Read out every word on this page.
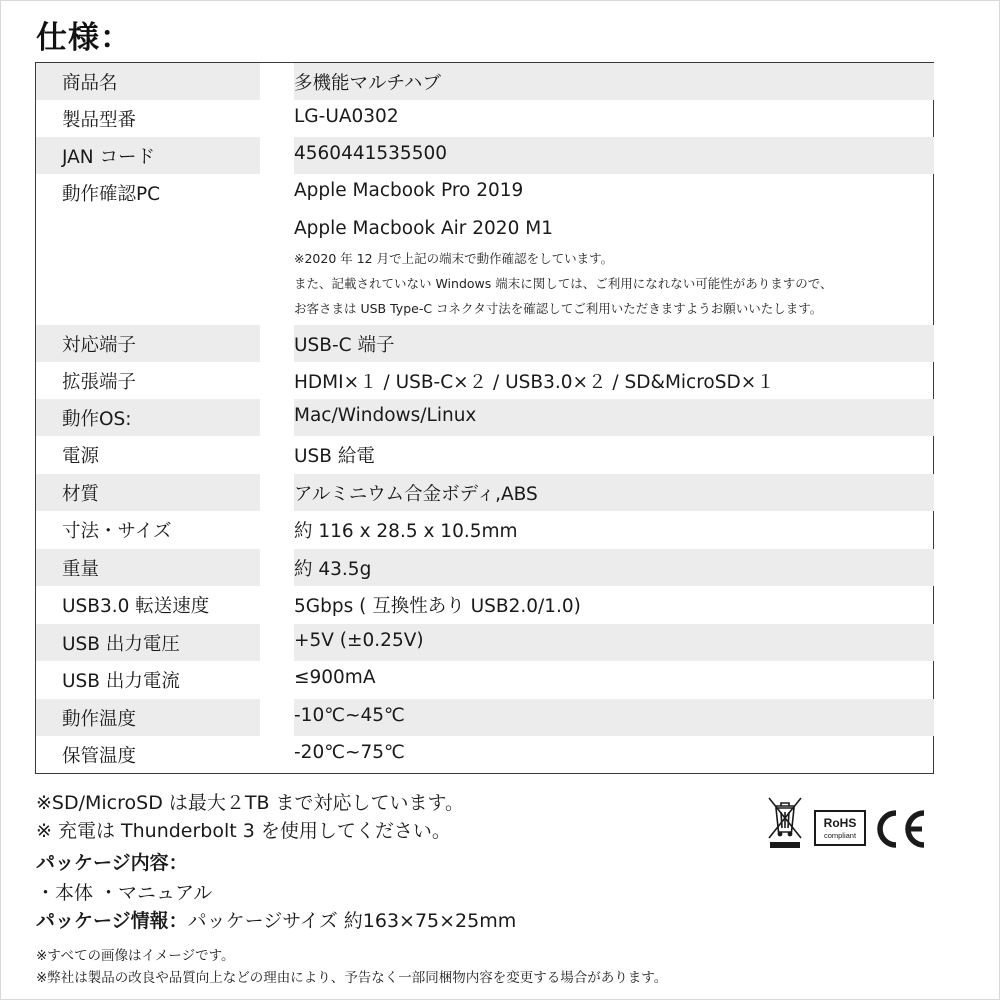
仕様：
商品名	多機能マルチハブ
製品型番	LG-UA0302
JAN コード	4560441535500
動作確認PC	Apple Macbook Pro 2019
Apple Macbook Air 2020 M1
※2020 年 12 月で上記の端末で動作確認をしています。
また、記載されていない Windows 端末に関しては、ご利用になれない可能性がありますので、
お客さまは USB Type-C コネクタ寸法を確認してご利用いただきますようお願いいたします。
対応端子	USB-C 端子
拡張端子	HDMI×１ / USB-C×２ / USB3.0×２ / SD&MicroSD×１
動作OS:	Mac/Windows/Linux
電源	USB 給電
材質	アルミニウム合金ボディ,ABS
寸法・サイズ	約 116 x 28.5 x 10.5mm
重量	約 43.5g
USB3.0 転送速度	5Gbps ( 互換性あり USB2.0/1.0)
USB 出力電圧	+5V (±0.25V)
USB 出力電流	≤900mA
動作温度	-10℃~45℃
保管温度	-20℃~75℃
※SD/MicroSD は最大２TB まで対応しています。
※ 充電は Thunderbolt 3 を使用してください。
パッケージ内容：
・本体 ・マニュアル
パッケージ情報：パッケージサイズ 約163×75×25mm
※すべての画像はイメージです。
※弊社は製品の改良や品質向上などの理由により、予告なく一部同梱物内容を変更する場合があります。
RoHS
compliant
